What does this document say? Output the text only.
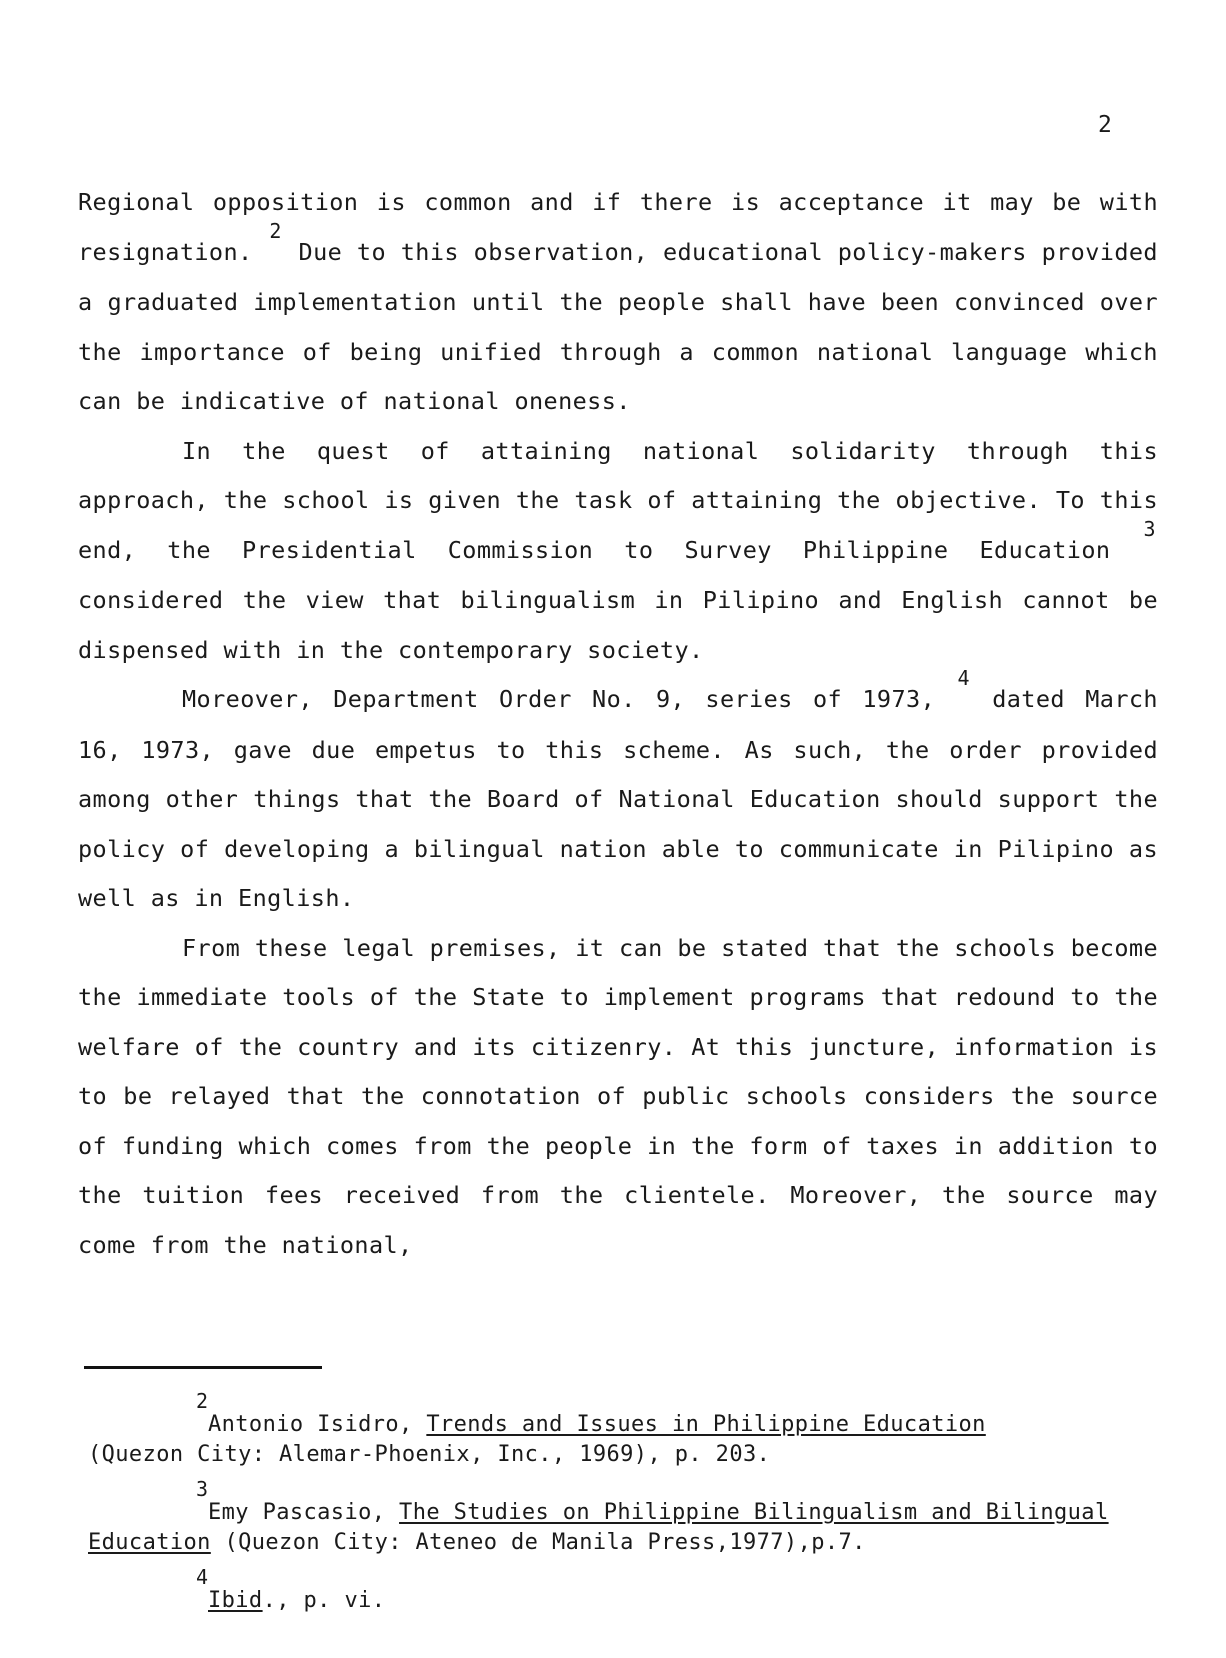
2

Regional opposition is common and if there is acceptance it may be with resignation. 2 Due to this observation, educational policy-makers provided a graduated implementation until the people shall have been convinced over the importance of being unified through a common national language which can be indicative of national oneness.

In the quest of attaining national solidarity through this approach, the school is given the task of attaining the objective. To this end, the Presidential Commission to Survey Philippine Education 3 considered the view that bilingualism in Pilipino and English cannot be dispensed with in the contemporary society.

Moreover, Department Order No. 9, series of 1973, 4 dated March 16, 1973, gave due empetus to this scheme. As such, the order provided among other things that the Board of National Education should support the policy of developing a bilingual nation able to communicate in Pilipino as well as in English.

From these legal premises, it can be stated that the schools become the immediate tools of the State to implement programs that redound to the welfare of the country and its citizenry. At this juncture, information is to be relayed that the connotation of public schools considers the source of funding which comes from the people in the form of taxes in addition to the tuition fees received from the clientele. Moreover, the source may come from the national,

2
Antonio Isidro, Trends and Issues in Philippine Education
(Quezon City: Alemar-Phoenix, Inc., 1969), p. 203.
3
Emy Pascasio, The Studies on Philippine Bilingualism and Bilingual Education (Quezon City: Ateneo de Manila Press,1977),p.7.
4
Ibid., p. vi.
